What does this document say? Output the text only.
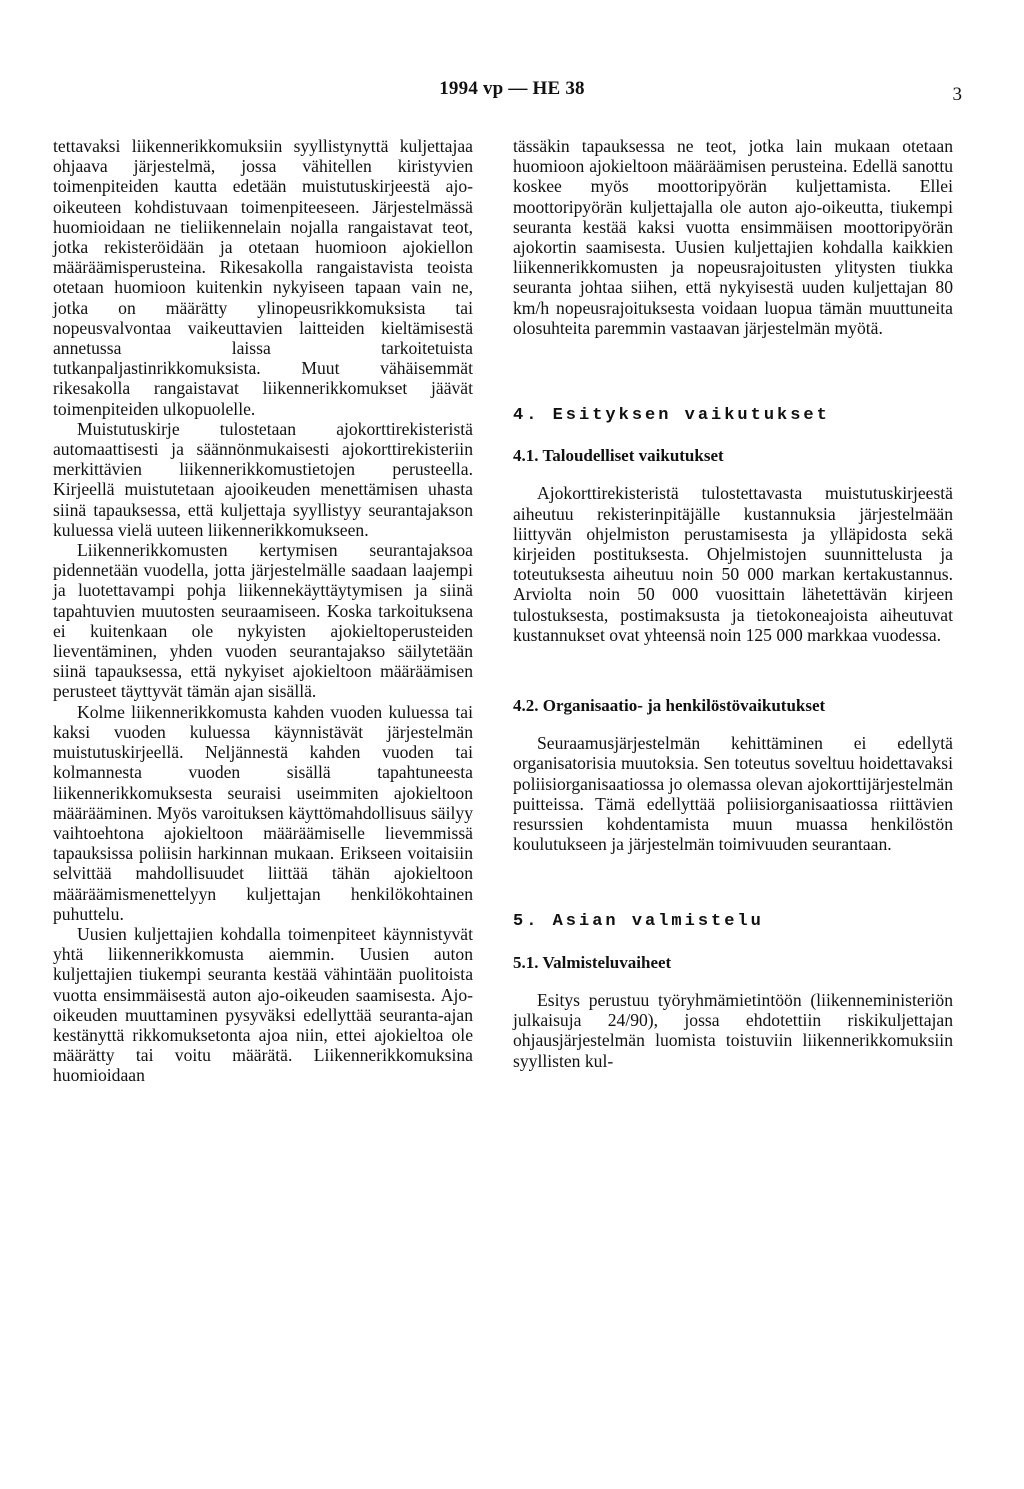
1994 vp — HE 38	3

tettavaksi liikennerikkomuksiin syyllistynyttä kuljettajaa ohjaava järjestelmä, jossa vähitellen kiristyvien toimenpiteiden kautta edetään muistutuskirjeestä ajo-oikeuteen kohdistuvaan toimenpiteeseen. Järjestelmässä huomioidaan ne tieliikennelain nojalla rangaistavat teot, jotka rekisteröidään ja otetaan huomioon ajokiellon määräämisperusteina. Rikesakolla rangaistavista teoista otetaan huomioon kuitenkin nykyiseen tapaan vain ne, jotka on määrätty ylinopeusrikkomuksista tai nopeusvalvontaa vaikeuttavien laitteiden kieltämisestä annetussa laissa tarkoitetuista tutkanpaljastinrikkomuksista. Muut vähäisemmät rikesakolla rangaistavat liikennerikkomukset jäävät toimenpiteiden ulkopuolelle.

Muistutuskirje tulostetaan ajokorttirekisteristä automaattisesti ja säännönmukaisesti ajokorttirekisteriin merkittävien liikennerikkomustietojen perusteella. Kirjeellä muistutetaan ajooikeuden menettämisen uhasta siinä tapauksessa, että kuljettaja syyllistyy seurantajakson kuluessa vielä uuteen liikennerikkomukseen.

Liikennerikkomusten kertymisen seurantajaksoa pidennetään vuodella, jotta järjestelmälle saadaan laajempi ja luotettavampi pohja liikennekäyttäytymisen ja siinä tapahtuvien muutosten seuraamiseen. Koska tarkoituksena ei kuitenkaan ole nykyisten ajokieltoperusteiden lieventäminen, yhden vuoden seurantajakso säilytetään siinä tapauksessa, että nykyiset ajokieltoon määräämisen perusteet täyttyvät tämän ajan sisällä.

Kolme liikennerikkomusta kahden vuoden kuluessa tai kaksi vuoden kuluessa käynnistävät järjestelmän muistutuskirjeellä. Neljännestä kahden vuoden tai kolmannesta vuoden sisällä tapahtuneesta liikennerikkomuksesta seuraisi useimmiten ajokieltoon määrääminen. Myös varoituksen käyttömahdollisuus säilyy vaihtoehtona ajokieltoon määräämiselle lievemmissä tapauksissa poliisin harkinnan mukaan. Erikseen voitaisiin selvittää mahdollisuudet liittää tähän ajokieltoon määräämismenettelyyn kuljettajan henkilökohtainen puhuttelu.

Uusien kuljettajien kohdalla toimenpiteet käynnistyvät yhtä liikennerikkomusta aiemmin. Uusien auton kuljettajien tiukempi seuranta kestää vähintään puolitoista vuotta ensimmäisestä auton ajo-oikeuden saamisesta. Ajo-oikeuden muuttaminen pysyväksi edellyttää seuranta-ajan kestänyttä rikkomuksetonta ajoa niin, ettei ajokieltoa ole määrätty tai voitu määrätä. Liikennerikkomuksina huomioidaan

tässäkin tapauksessa ne teot, jotka lain mukaan otetaan huomioon ajokieltoon määräämisen perusteina. Edellä sanottu koskee myös moottoripyörän kuljettamista. Ellei moottoripyörän kuljettajalla ole auton ajo-oikeutta, tiukempi seuranta kestää kaksi vuotta ensimmäisen moottoripyörän ajokortin saamisesta. Uusien kuljettajien kohdalla kaikkien liikennerikkomusten ja nopeusrajoitusten ylitysten tiukka seuranta johtaa siihen, että nykyisestä uuden kuljettajan 80 km/h nopeusrajoituksesta voidaan luopua tämän muuttuneita olosuhteita paremmin vastaavan järjestelmän myötä.

4. Esityksen vaikutukset
4.1. Taloudelliset vaikutukset

Ajokorttirekisteristä tulostettavasta muistutuskirjeestä aiheutuu rekisterinpitäjälle kustannuksia järjestelmään liittyvän ohjelmiston perustamisesta ja ylläpidosta sekä kirjeiden postituksesta. Ohjelmistojen suunnittelusta ja toteutuksesta aiheutuu noin 50 000 markan kertakustannus. Arviolta noin 50 000 vuosittain lähetettävän kirjeen tulostuksesta, postimaksusta ja tietokoneajoista aiheutuvat kustannukset ovat yhteensä noin 125 000 markkaa vuodessa.

4.2. Organisaatio- ja henkilöstövaikutukset

Seuraamusjärjestelmän kehittäminen ei edellytä organisatorisia muutoksia. Sen toteutus soveltuu hoidettavaksi poliisiorganisaatiossa jo olemassa olevan ajokorttijärjestelmän puitteissa. Tämä edellyttää poliisiorganisaatiossa riittävien resurssien kohdentamista muun muassa henkilöstön koulutukseen ja järjestelmän toimivuuden seurantaan.

5. Asian valmistelu
5.1. Valmisteluvaiheet

Esitys perustuu työryhmämietintöön (liikenneministeriön julkaisuja 24/90), jossa ehdotettiin riskikuljettajan ohjausjärjestelmän luomista toistuviin liikennerikkomuksiin syyllisten kul-
